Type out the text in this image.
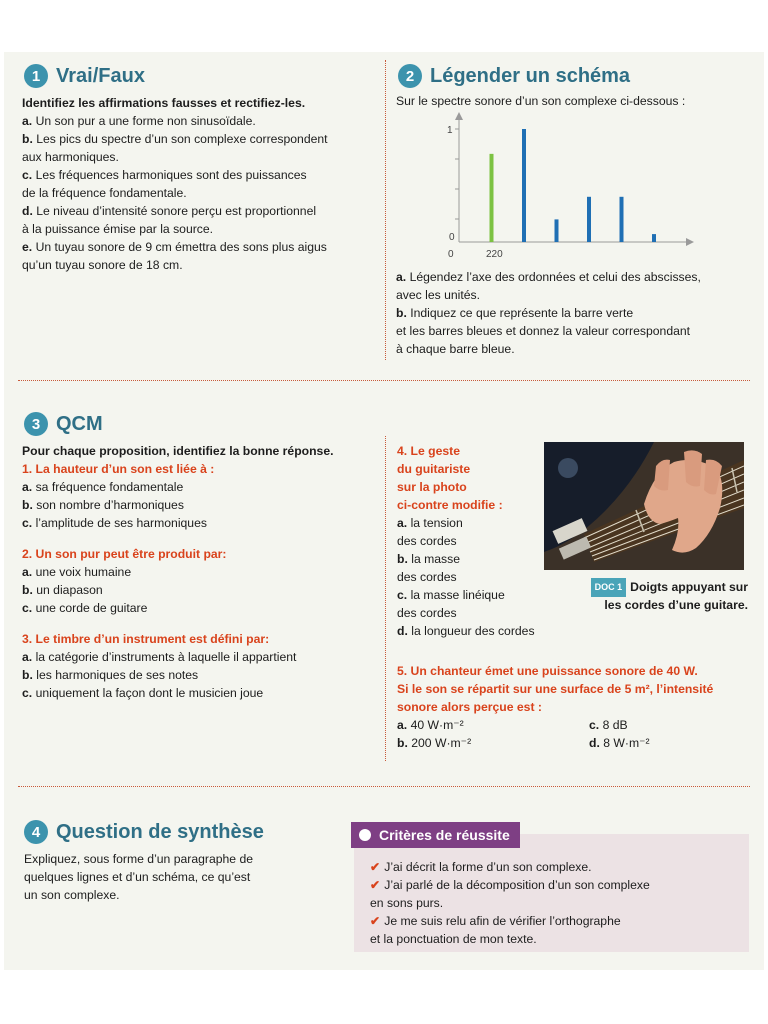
1 Vrai/Faux

Identifiez les affirmations fausses et rectifiez-les.

a. Un son pur a une forme non sinusoïdale.
b. Les pics du spectre d’un son complexe correspondent
aux harmoniques.
c. Les fréquences harmoniques sont des puissances
de la fréquence fondamentale.
d. Le niveau d’intensité sonore perçu est proportionnel
à la puissance émise par la source.
e. Un tuyau sonore de 9 cm émettra des sons plus aigus
qu’un tuyau sonore de 18 cm.
2 Légender un schéma

Sur le spectre sonore d’un son complexe ci-dessous :

1
0
0	220
a. Légendez l’axe des ordonnées et celui des abscisses,
avec les unités.
b. Indiquez ce que représente la barre verte
et les barres bleues et donnez la valeur correspondant
à chaque barre bleue.
3 QCM

Pour chaque proposition, identifiez la bonne réponse.

1. La hauteur d’un son est liée à :

a. sa fréquence fondamentale
b. son nombre d’harmoniques
c. l’amplitude de ses harmoniques

2. Un son pur peut être produit par:

a. une voix humaine
b. un diapason
c. une corde de guitare

3. Le timbre d’un instrument est défini par:

a. la catégorie d’instruments à laquelle il appartient
b. les harmoniques de ses notes
c. uniquement la façon dont le musicien joue

4. Le geste
du guitariste
sur la photo
ci-contre modifie :

a. la tension
des cordes
b. la masse
des cordes
c. la masse linéique
des cordes
d. la longueur des cordes
DOC 1 Doigts appuyant sur
les cordes d’une guitare.

5. Un chanteur émet une puissance sonore de 40 W.
Si le son se répartit sur une surface de 5 m², l’intensité
sonore alors perçue est :

a. 40 W·m⁻²	c. 8 dB
b. 200 W·m⁻²	d. 8 W·m⁻²
4 Question de synthèse
Expliquez, sous forme d’un paragraphe de
quelques lignes et d’un schéma, ce qu’est
un son complexe.
Critères de réussite
✔ J’ai décrit la forme d’un son complexe.
✔ J’ai parlé de la décomposition d’un son complexe
en sons purs.
✔ Je me suis relu afin de vérifier l’orthographe
et la ponctuation de mon texte.
